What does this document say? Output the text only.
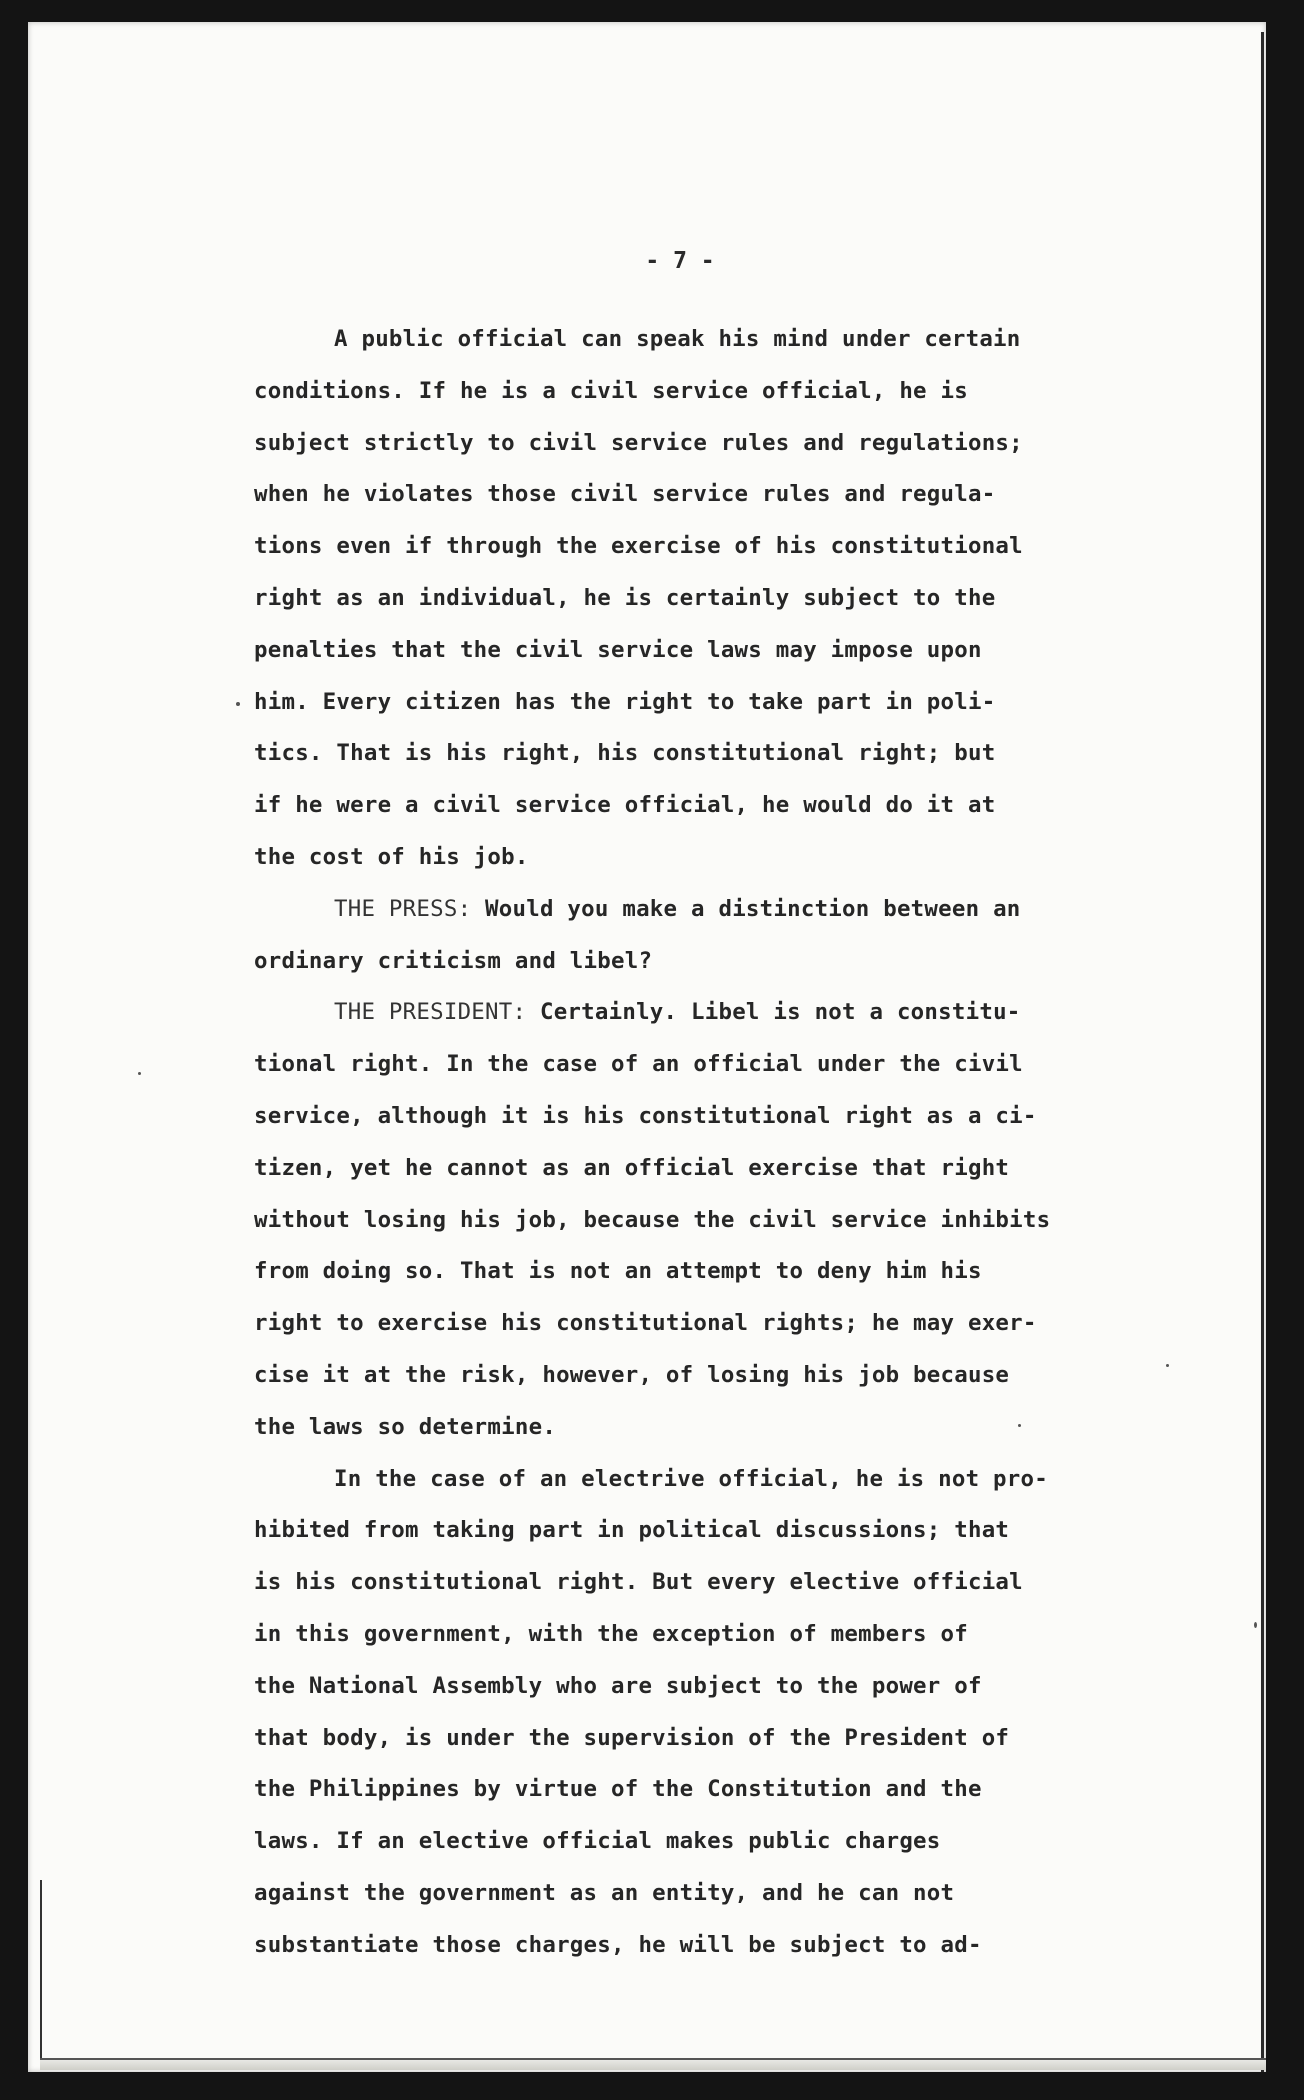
- 7 -
A public official can speak his mind under certain
conditions. If he is a civil service official, he is
subject strictly to civil service rules and regulations;
when he violates those civil service rules and regula-
tions even if through the exercise of his constitutional
right as an individual, he is certainly subject to the
penalties that the civil service laws may impose upon
him. Every citizen has the right to take part in poli-
tics. That is his right, his constitutional right; but
if he were a civil service official, he would do it at
the cost of his job.
THE PRESS: Would you make a distinction between an
ordinary criticism and libel?
THE PRESIDENT: Certainly. Libel is not a constitu-
tional right. In the case of an official under the civil
service, although it is his constitutional right as a ci-
tizen, yet he cannot as an official exercise that right
without losing his job, because the civil service inhibits
from doing so. That is not an attempt to deny him his
right to exercise his constitutional rights; he may exer-
cise it at the risk, however, of losing his job because
the laws so determine.
In the case of an electrive official, he is not pro-
hibited from taking part in political discussions; that
is his constitutional right. But every elective official
in this government, with the exception of members of
the National Assembly who are subject to the power of
that body, is under the supervision of the President of
the Philippines by virtue of the Constitution and the
laws. If an elective official makes public charges
against the government as an entity, and he can not
substantiate those charges, he will be subject to ad-
